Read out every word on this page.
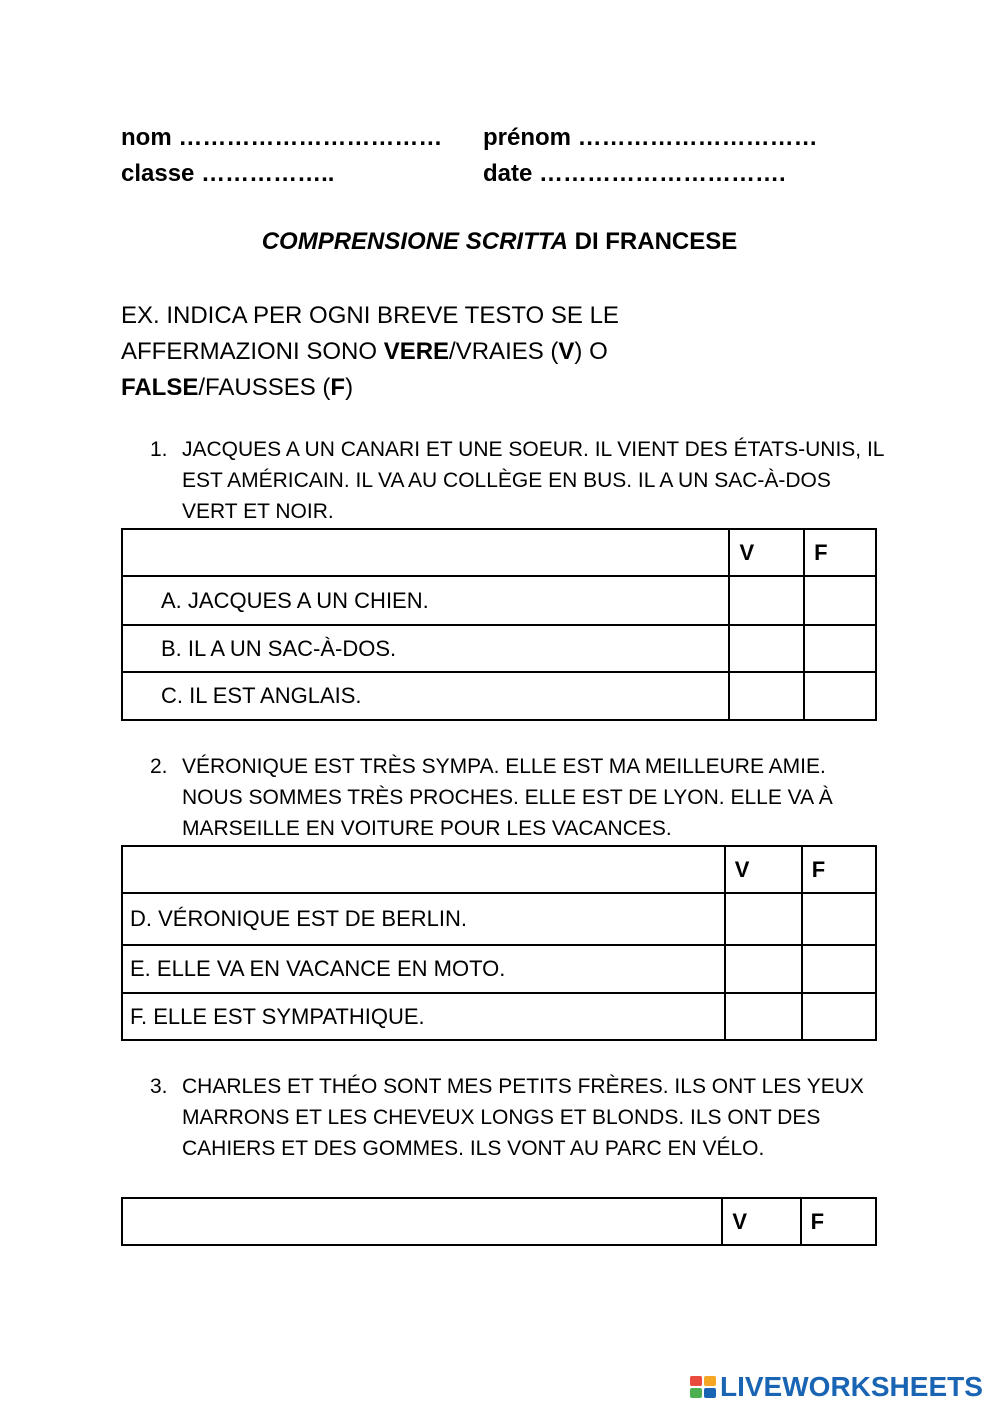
nom …………………………… prénom …………………………
classe ……………..	date ………………………….
COMPRENSIONE SCRITTA DI FRANCESE
EX. INDICA PER OGNI BREVE TESTO SE LE AFFERMAZIONI SONO VERE/VRAIES (V) O
FALSE/FAUSSES (F)
1. JACQUES A UN CANARI ET UNE SOEUR. IL VIENT DES ÉTATS-UNIS, IL EST AMÉRICAIN. IL VA AU COLLÈGE EN BUS. IL A UN SAC-À-DOS VERT ET NOIR.
	V	F
A. JACQUES A UN CHIEN.		
B. IL A UN SAC-À-DOS.		
C. IL EST ANGLAIS.		
2. VÉRONIQUE EST TRÈS SYMPA. ELLE EST MA MEILLEURE AMIE. NOUS SOMMES TRÈS PROCHES. ELLE EST DE LYON. ELLE VA À MARSEILLE EN VOITURE POUR LES VACANCES.
	V	F
D. VÉRONIQUE EST DE BERLIN.		
E. ELLE VA EN VACANCE EN MOTO.		
F. ELLE EST SYMPATHIQUE.		
3. CHARLES ET THÉO SONT MES PETITS FRÈRES. ILS ONT LES YEUX MARRONS ET LES CHEVEUX LONGS ET BLONDS. ILS ONT DES CAHIERS ET DES GOMMES. ILS VONT AU PARC EN VÉLO.
	V	F
LIVEWORKSHEETS
